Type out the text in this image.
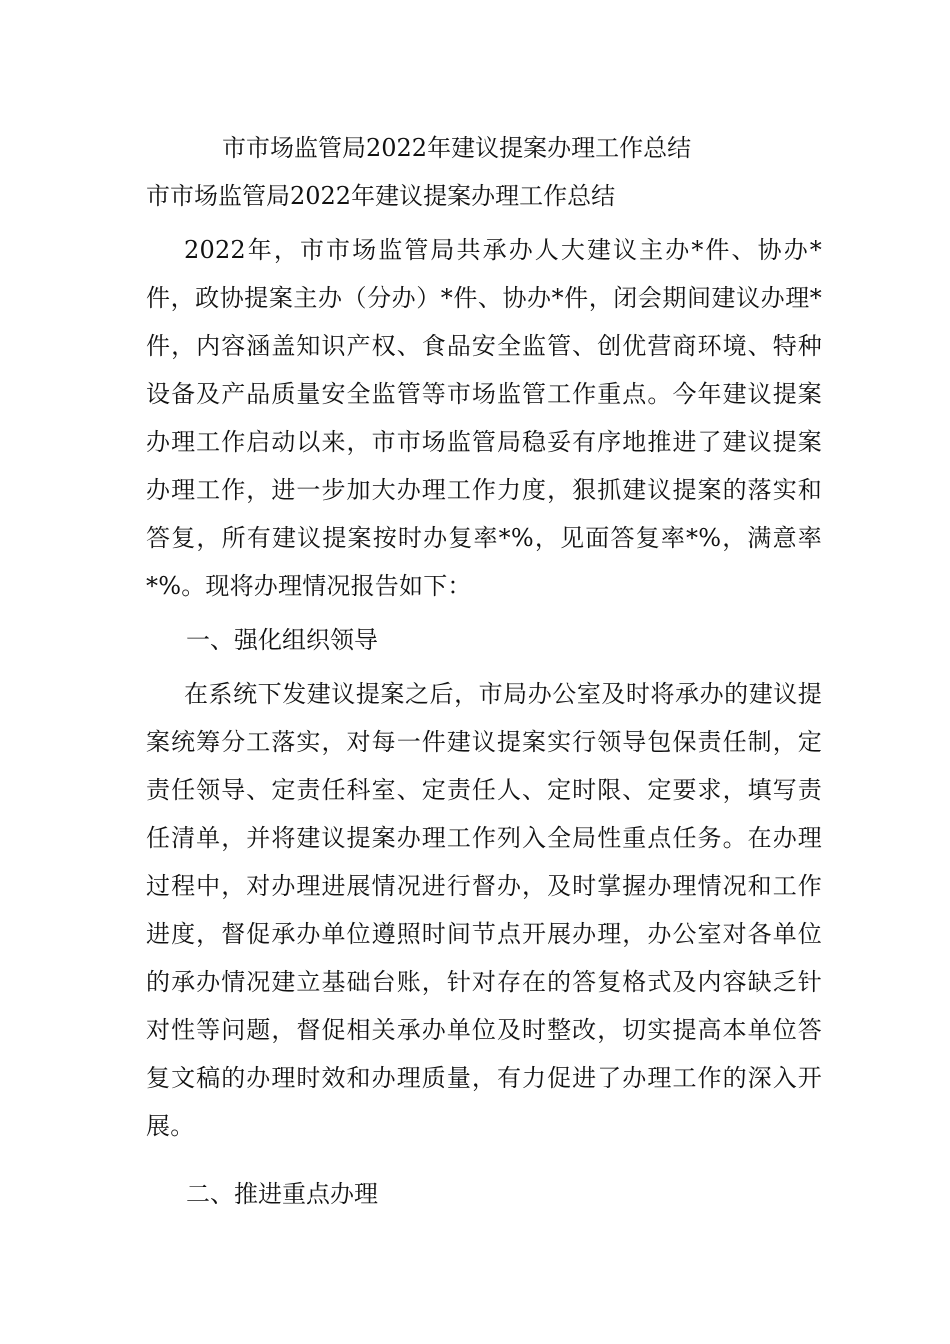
市市场监管局2022年建议提案办理工作总结
市市场监管局2022年建议提案办理工作总结

2022年，市市场监管局共承办人大建议主办*件、协办*件，政协提案主办（分办）*件、协办*件，闭会期间建议办理*件，内容涵盖知识产权、食品安全监管、创优营商环境、特种设备及产品质量安全监管等市场监管工作重点。今年建议提案办理工作启动以来，市市场监管局稳妥有序地推进了建议提案办理工作，进一步加大办理工作力度，狠抓建议提案的落实和答复，所有建议提案按时办复率*%，见面答复率*%，满意率*%。现将办理情况报告如下：

一、强化组织领导

在系统下发建议提案之后，市局办公室及时将承办的建议提案统筹分工落实，对每一件建议提案实行领导包保责任制，定责任领导、定责任科室、定责任人、定时限、定要求，填写责任清单，并将建议提案办理工作列入全局性重点任务。在办理过程中，对办理进展情况进行督办，及时掌握办理情况和工作进度，督促承办单位遵照时间节点开展办理，办公室对各单位的承办情况建立基础台账，针对存在的答复格式及内容缺乏针对性等问题，督促相关承办单位及时整改，切实提高本单位答复文稿的办理时效和办理质量，有力促进了办理工作的深入开展。

二、推进重点办理
